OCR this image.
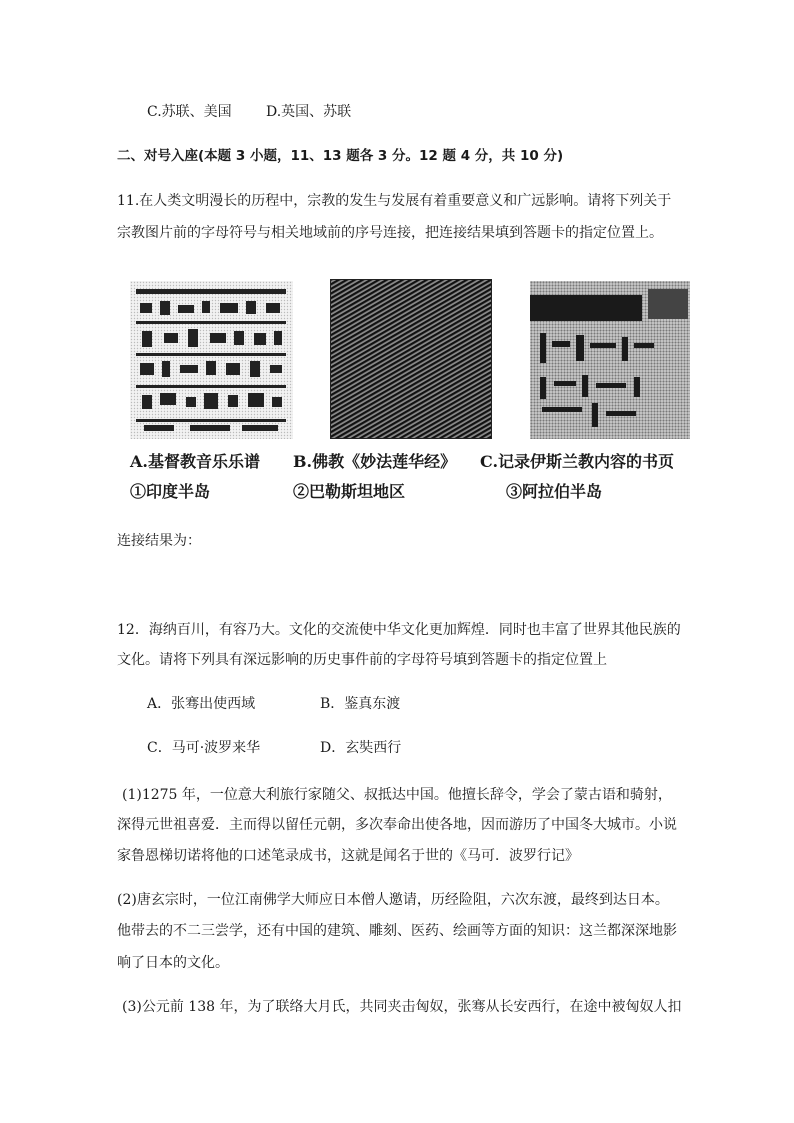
C.苏联、美国 D.英国、苏联
二、对号入座(本题 3 小题，11、13 题各 3 分。12 题 4 分，共 10 分)
11.在人类文明漫长的历程中，宗教的发生与发展有着重要意义和广远影响。请将下列关于
宗教图片前的字母符号与相关地域前的序号连接，把连接结果填到答题卡的指定位置上。
A.基督教音乐乐谱 B.佛教《妙法莲华经》 C.记录伊斯兰教内容的书页
①印度半岛	②巴勒斯坦地区	③阿拉伯半岛
连接结果为：
12．海纳百川，有容乃大。文化的交流使中华文化更加辉煌．同时也丰富了世界其他民族的
文化。请将下列具有深远影响的历史事件前的字母符号填到答题卡的指定位置上
A．张骞出使西域	B．鉴真东渡
C．马可·波罗来华	D．玄奘西行
(1)1275 年，一位意大利旅行家随父、叔抵达中国。他擅长辞令，学会了蒙古语和骑射，
深得元世祖喜爱．主而得以留任元朝，多次奉命出使各地，因而游历了中国冬大城市。小说
家鲁恩梯切诺将他的口述笔录成书，这就是闻名于世的《马可．波罗行记》
(2)唐玄宗时，一位江南佛学大师应日本僧人邀请，历经险阻，六次东渡，最终到达日本。
他带去的不二三尝学，还有中国的建筑、雕刻、医药、绘画等方面的知识：这兰都深深地影
响了日本的文化。
(3)公元前 138 年，为了联络大月氏，共同夹击匈奴，张骞从长安西行，在途中被匈奴人扣
